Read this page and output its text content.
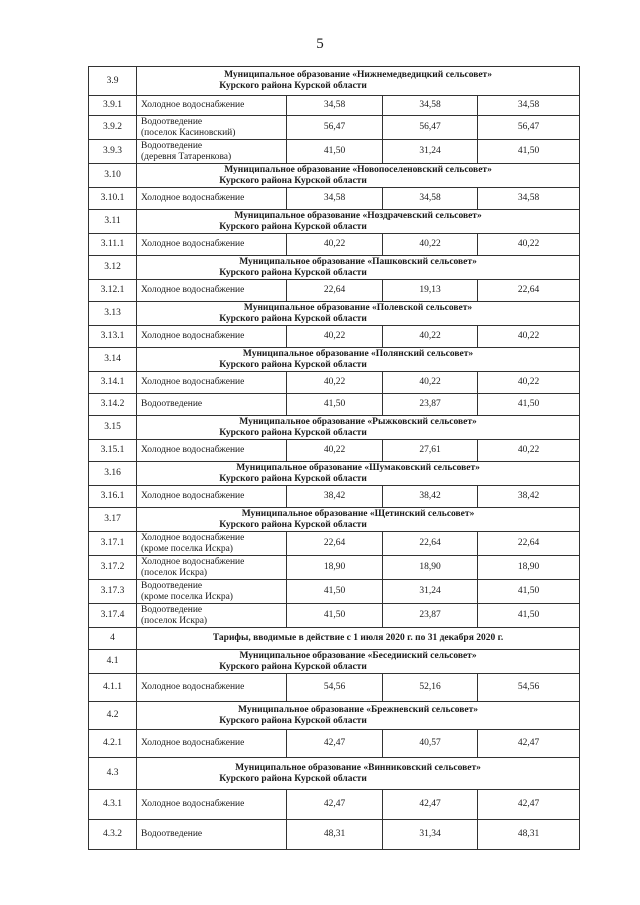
5
3.9	Муниципальное образование «Нижнемедведицкий сельсовет»
Курского района Курской области			

3.9.1	Холодное водоснабжение	34,58	34,58	34,58
3.9.2	Водоотведение
(поселок Касиновский)	56,47	56,47	56,47
3.9.3	Водоотведение
(деревня Татаренкова)	41,50	31,24	41,50
3.10	Муниципальное образование «Новопоселеновский сельсовет»
Курского района Курской области			

3.10.1	Холодное водоснабжение	34,58	34,58	34,58
3.11	Муниципальное образование «Ноздрачевский сельсовет»
Курского района Курской области			

3.11.1	Холодное водоснабжение	40,22	40,22	40,22
3.12	Муниципальное образование «Пашковский сельсовет»
Курского района Курской области			

3.12.1	Холодное водоснабжение	22,64	19,13	22,64
3.13	Муниципальное образование «Полевской сельсовет»
Курского района Курской области			

3.13.1	Холодное водоснабжение	40,22	40,22	40,22
3.14	Муниципальное образование «Полянский сельсовет»
Курского района Курской области			

3.14.1	Холодное водоснабжение	40,22	40,22	40,22
3.14.2	Водоотведение	41,50	23,87	41,50
3.15	Муниципальное образование «Рыжковский сельсовет»
Курского района Курской области			

3.15.1	Холодное водоснабжение	40,22	27,61	40,22
3.16	Муниципальное образование «Шумаковский сельсовет»
Курского района Курской области			

3.16.1	Холодное водоснабжение	38,42	38,42	38,42
3.17	Муниципальное образование «Щетинский сельсовет»
Курского района Курской области			

3.17.1	Холодное водоснабжение
(кроме поселка Искра)	22,64	22,64	22,64
3.17.2	Холодное водоснабжение
(поселок Искра)	18,90	18,90	18,90
3.17.3	Водоотведение
(кроме поселка Искра)	41,50	31,24	41,50
3.17.4	Водоотведение
(поселок Искра)	41,50	23,87	41,50
4	Тарифы, вводимые в действие с 1 июля 2020 г. по 31 декабря 2020 г.			
4.1	Муниципальное образование «Беседииский сельсовет»
Курского района Курской области			

4.1.1	Холодное водоснабжение	54,56	52,16	54,56
4.2	Муниципальное образование «Брежневский сельсовет»
Курского района Курской области			

4.2.1	Холодное водоснабжение	42,47	40,57	42,47
4.3	Муниципальное образование «Винниковский сельсовет»
Курского района Курской области			

4.3.1	Холодное водоснабжение	42,47	42,47	42,47
4.3.2	Водоотведение	48,31	31,34	48,31
